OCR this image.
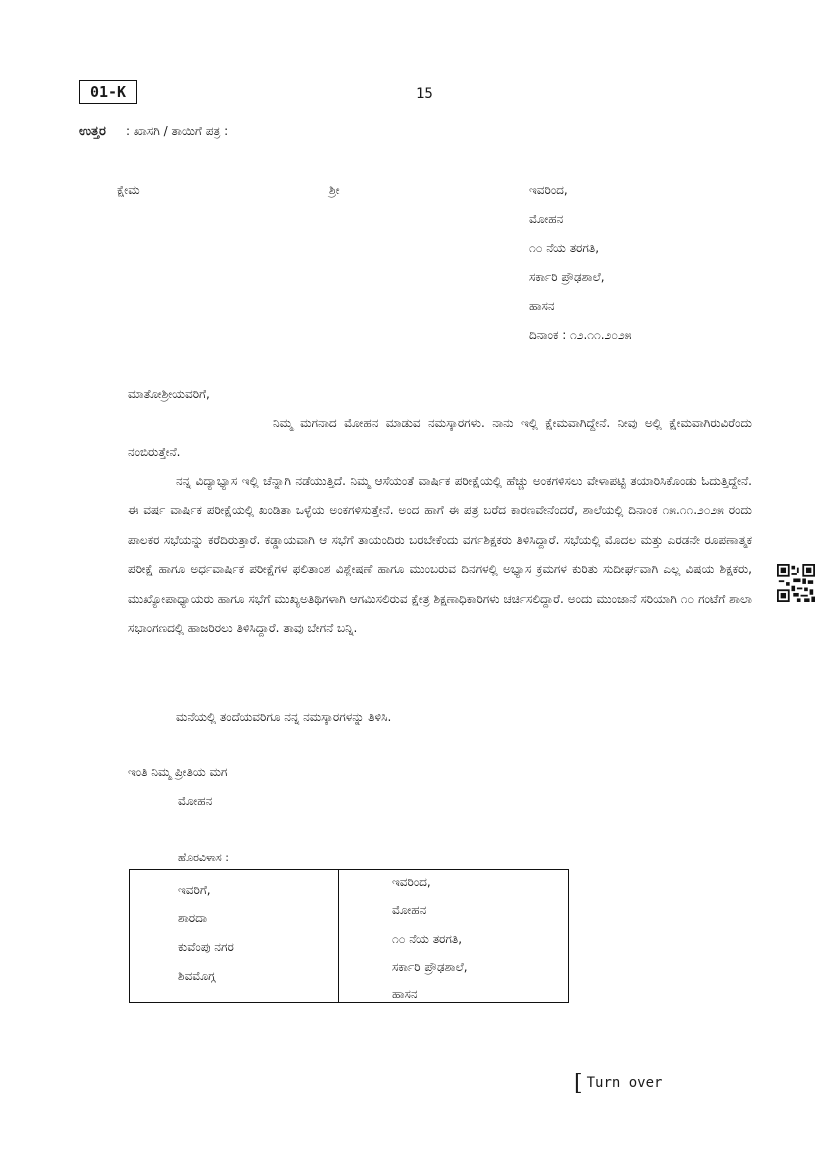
01-K	15
ಉತ್ತರ : ಖಾಸಗಿ / ತಾಯಿಗೆ ಪತ್ರ :
ಕ್ಷೇಮ	ಶ್ರೀ	ಇವರಿಂದ,
ಮೋಹನ
೧೦ ನೆಯ ತರಗತಿ,
ಸರ್ಕಾರಿ ಪ್ರೌಢಶಾಲೆ,
ಹಾಸನ
ದಿನಾಂಕ : ೧೨.೧೧.೨೦೨೫
ಮಾತೋಶ್ರೀಯವರಿಗೆ,
ನಿಮ್ಮ ಮಗನಾದ ಮೋಹನ ಮಾಡುವ ನಮಸ್ಕಾರಗಳು. ನಾನು ಇಲ್ಲಿ ಕ್ಷೇಮವಾಗಿದ್ದೇನೆ. ನೀವು ಅಲ್ಲಿ ಕ್ಷೇಮವಾಗಿರುವಿರೆಂದು ನಂಬಿರುತ್ತೇನೆ.
ನನ್ನ ವಿದ್ಯಾಭ್ಯಾಸ ಇಲ್ಲಿ ಚೆನ್ನಾಗಿ ನಡೆಯುತ್ತಿದೆ. ನಿಮ್ಮ ಆಸೆಯಂತೆ ವಾರ್ಷಿಕ ಪರೀಕ್ಷೆಯಲ್ಲಿ ಹೆಚ್ಚು ಅಂಕಗಳಿಸಲು ವೇಳಾಪಟ್ಟಿ ತಯಾರಿಸಿಕೊಂಡು ಓದುತ್ತಿದ್ದೇನೆ. ಈ ವರ್ಷ ವಾರ್ಷಿಕ ಪರೀಕ್ಷೆಯಲ್ಲಿ ಖಂಡಿತಾ ಒಳ್ಳೆಯ ಅಂಕಗಳಿಸುತ್ತೇನೆ. ಅಂದ ಹಾಗೆ ಈ ಪತ್ರ ಬರೆದ ಕಾರಣವೇನೆಂದರೆ, ಶಾಲೆಯಲ್ಲಿ ದಿನಾಂಕ ೧೫.೧೧.೨೦೨೫ ರಂದು ಪಾಲಕರ ಸಭೆಯನ್ನು ಕರೆದಿರುತ್ತಾರೆ. ಕಡ್ಡಾಯವಾಗಿ ಆ ಸಭೆಗೆ ತಾಯಂದಿರು ಬರಬೇಕೆಂದು ವರ್ಗಶಿಕ್ಷಕರು ತಿಳಿಸಿದ್ದಾರೆ. ಸಭೆಯಲ್ಲಿ ಮೊದಲ ಮತ್ತು ಎರಡನೇ ರೂಪಣಾತ್ಮಕ ಪರೀಕ್ಷೆ ಹಾಗೂ ಅರ್ಧವಾರ್ಷಿಕ ಪರೀಕ್ಷೆಗಳ ಫಲಿತಾಂಶ ವಿಶ್ಲೇಷಣೆ ಹಾಗೂ ಮುಂಬರುವ ದಿನಗಳಲ್ಲಿ ಅಭ್ಯಾಸ ಕ್ರಮಗಳ ಕುರಿತು ಸುದೀರ್ಘವಾಗಿ ಎಲ್ಲ ವಿಷಯ ಶಿಕ್ಷಕರು, ಮುಖ್ಯೋಪಾಧ್ಯಾಯರು ಹಾಗೂ ಸಭೆಗೆ ಮುಖ್ಯಅತಿಥಿಗಳಾಗಿ ಆಗಮಿಸಲಿರುವ ಕ್ಷೇತ್ರ ಶಿಕ್ಷಣಾಧಿಕಾರಿಗಳು ಚರ್ಚಿಸಲಿದ್ದಾರೆ. ಅಂದು ಮುಂಜಾನೆ ಸರಿಯಾಗಿ ೧೦ ಗಂಟೆಗೆ ಶಾಲಾ ಸಭಾಂಗಣದಲ್ಲಿ ಹಾಜರಿರಲು ತಿಳಿಸಿದ್ದಾರೆ. ತಾವು ಬೇಗನೆ ಬನ್ನಿ.
ಮನೆಯಲ್ಲಿ ತಂದೆಯವರಿಗೂ ನನ್ನ ನಮಸ್ಕಾರಗಳನ್ನು ತಿಳಿಸಿ.
ಇಂತಿ ನಿಮ್ಮ ಪ್ರೀತಿಯ ಮಗ
ಮೋಹನ
ಹೊರವಿಳಾಸ :
ಇವರಿಗೆ,
ಶಾರದಾ
ಕುವೆಂಪು ನಗರ
ಶಿವಮೊಗ್ಗ
ಇವರಿಂದ,
ಮೋಹನ
೧೦ ನೆಯ ತರಗತಿ,
ಸರ್ಕಾರಿ ಪ್ರೌಢಶಾಲೆ,
ಹಾಸನ
[ Turn over
